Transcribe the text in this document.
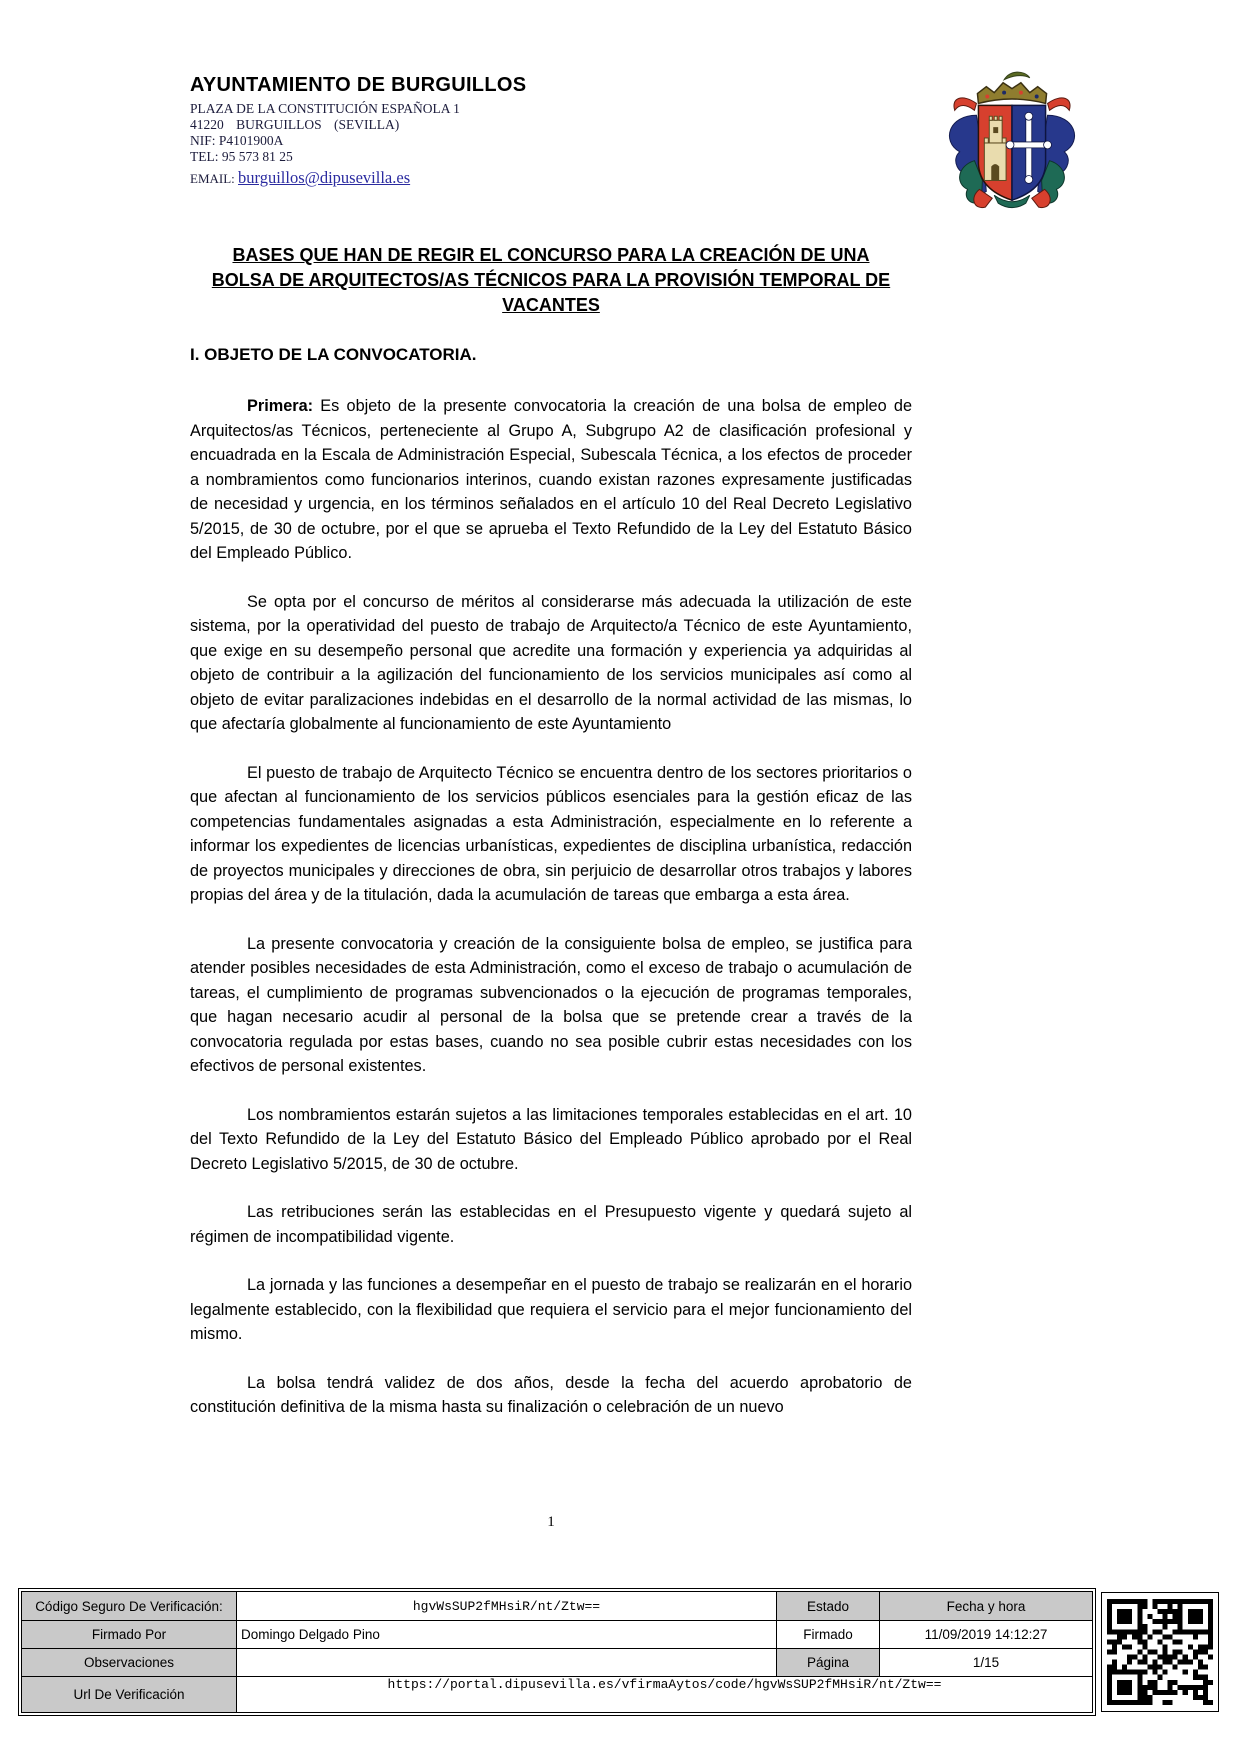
AYUNTAMIENTO DE BURGUILLOS
PLAZA DE LA CONSTITUCIÓN ESPAÑOLA 1
41220 BURGUILLOS (SEVILLA)
NIF: P4101900A
TEL: 95 573 81 25
EMAIL: burguillos@dipusevilla.es
BASES QUE HAN DE REGIR EL CONCURSO PARA LA CREACIÓN DE UNA
BOLSA DE ARQUITECTOS/AS TÉCNICOS PARA LA PROVISIÓN TEMPORAL DE
VACANTES
I. OBJETO DE LA CONVOCATORIA.

Primera: Es objeto de la presente convocatoria la creación de una bolsa de empleo de Arquitectos/as Técnicos, perteneciente al Grupo A, Subgrupo A2 de clasificación profesional y encuadrada en la Escala de Administración Especial, Subescala Técnica, a los efectos de proceder a nombramientos como funcionarios interinos, cuando existan razones expresamente justificadas de necesidad y urgencia, en los términos señalados en el artículo 10 del Real Decreto Legislativo 5/2015, de 30 de octubre, por el que se aprueba el Texto Refundido de la Ley del Estatuto Básico del Empleado Público.

Se opta por el concurso de méritos al considerarse más adecuada la utilización de este sistema, por la operatividad del puesto de trabajo de Arquitecto/a Técnico de este Ayuntamiento, que exige en su desempeño personal que acredite una formación y experiencia ya adquiridas al objeto de contribuir a la agilización del funcionamiento de los servicios municipales así como al objeto de evitar paralizaciones indebidas en el desarrollo de la normal actividad de las mismas, lo que afectaría globalmente al funcionamiento de este Ayuntamiento

El puesto de trabajo de Arquitecto Técnico se encuentra dentro de los sectores prioritarios o que afectan al funcionamiento de los servicios públicos esenciales para la gestión eficaz de las competencias fundamentales asignadas a esta Administración, especialmente en lo referente a informar los expedientes de licencias urbanísticas, expedientes de disciplina urbanística, redacción de proyectos municipales y direcciones de obra, sin perjuicio de desarrollar otros trabajos y labores propias del área y de la titulación, dada la acumulación de tareas que embarga a esta área.

La presente convocatoria y creación de la consiguiente bolsa de empleo, se justifica para atender posibles necesidades de esta Administración, como el exceso de trabajo o acumulación de tareas, el cumplimiento de programas subvencionados o la ejecución de programas temporales, que hagan necesario acudir al personal de la bolsa que se pretende crear a través de la convocatoria regulada por estas bases, cuando no sea posible cubrir estas necesidades con los efectivos de personal existentes.

Los nombramientos estarán sujetos a las limitaciones temporales establecidas en el art. 10 del Texto Refundido de la Ley del Estatuto Básico del Empleado Público aprobado por el Real Decreto Legislativo 5/2015, de 30 de octubre.

Las retribuciones serán las establecidas en el Presupuesto vigente y quedará sujeto al régimen de incompatibilidad vigente.

La jornada y las funciones a desempeñar en el puesto de trabajo se realizarán en el horario legalmente establecido, con la flexibilidad que requiera el servicio para el mejor funcionamiento del mismo.

La bolsa tendrá validez de dos años, desde la fecha del acuerdo aprobatorio de constitución definitiva de la misma hasta su finalización o celebración de un nuevo

1
Código Seguro De Verificación:	hgvWsSUP2fMHsiR/nt/Ztw==	Estado	Fecha y hora
Firmado Por	Domingo Delgado Pino	Firmado	11/09/2019 14:12:27
Observaciones		Página	1/15
Url De Verificación	https://portal.dipusevilla.es/vfirmaAytos/code/hgvWsSUP2fMHsiR/nt/Ztw==		
